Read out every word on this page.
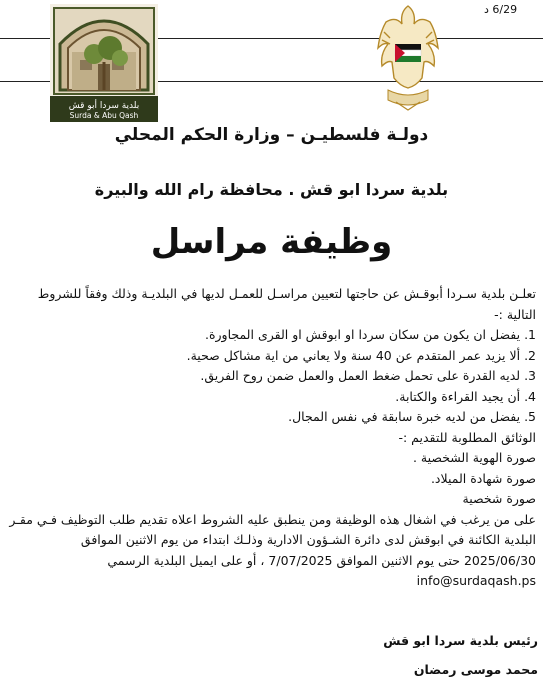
6/29 د
بلدية سردا أبو قش
Surda & Abu Qash
دولـة فلسطيـن – وزارة الحكم المحلي
بلدية سردا ابو قش . محافظة رام الله والبيرة
وظيفة مراسل

تعلـن بلدية سـردا أبوقـش عن حاجتها لتعيين مراسـل للعمـل لديها في البلديـة وذلك وفقاً للشروط التالية :-

1. يفضل ان يكون من سكان سردا او ابوقش او القرى المجاورة.

2. ألا يزيد عمر المتقدم عن 40 سنة ولا يعاني من اية مشاكل صحية.

3. لديه القدرة على تحمل ضغط العمل والعمل ضمن روح الفريق.

4. أن يجيد القراءة والكتابة.

5. يفضل من لديه خبرة سابقة في نفس المجال.

الوثائق المطلوبة للتقديم :-

صورة الهوية الشخصية .

صورة شهادة الميلاد.

صورة شخصية

على من يرغب في اشغال هذه الوظيفة ومن ينطبق عليه الشروط اعلاه تقديم طلب التوظيف فـي مقـر البلدية الكائنة في ابوقش لدى دائرة الشـؤون الادارية وذلـك ابتداء من يوم الاثنين الموافق 2025/06/30 حتى يوم الاثنين الموافق 7/07/2025 ، أو على ايميل البلدية الرسمي

info@surdaqash.ps

رئيس بلدية سردا ابو قش
محمد موسى رمضان
